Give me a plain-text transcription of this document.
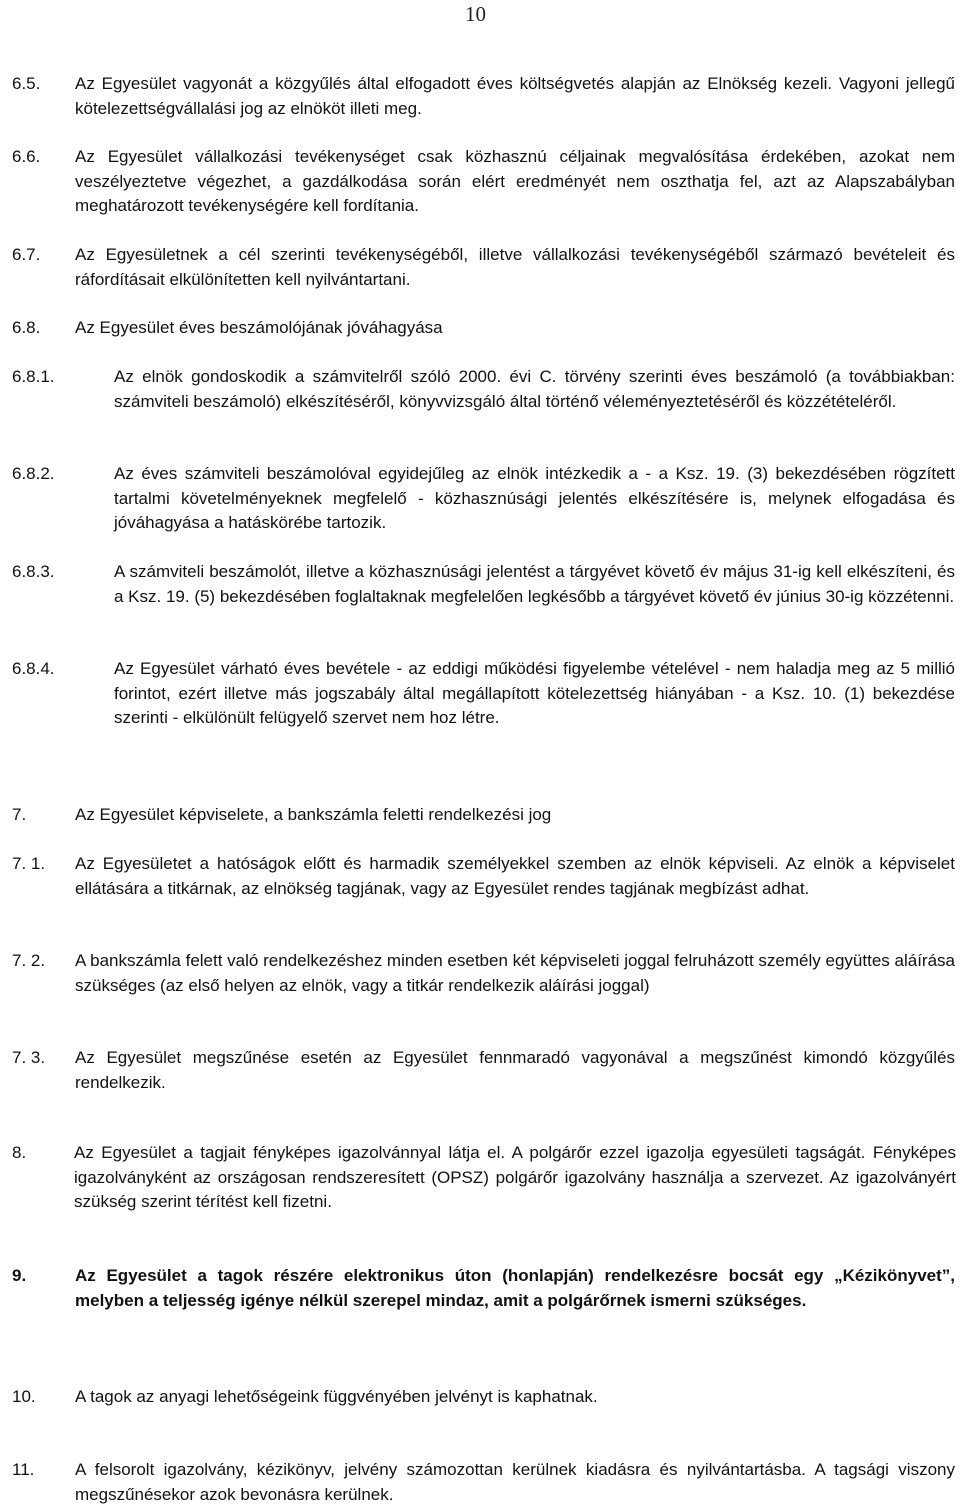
10
6.5. Az Egyesület vagyonát a közgyűlés által elfogadott éves költségvetés alapján az Elnökség kezeli. Vagyoni jellegű kötelezettségvállalási jog az elnököt illeti meg.
6.6. Az Egyesület vállalkozási tevékenységet csak közhasznú céljainak megvalósítása érdekében, azokat nem veszélyeztetve végezhet, a gazdálkodása során elért eredményét nem oszthatja fel, azt az Alapszabályban meghatározott tevékenységére kell fordítania.
6.7. Az Egyesületnek a cél szerinti tevékenységéből, illetve vállalkozási tevékenységéből származó bevételeit és ráfordításait elkülönítetten kell nyilvántartani.
6.8. Az Egyesület éves beszámolójának jóváhagyása
6.8.1.	Az elnök gondoskodik a számvitelről szóló 2000. évi C. törvény szerinti éves beszámoló (a továbbiakban: számviteli beszámoló) elkészítéséről, könyvvizsgáló által történő véleményeztetéséről és közzétételéről.
6.8.2.	Az éves számviteli beszámolóval egyidejűleg az elnök intézkedik a - a Ksz. 19. (3) bekezdésében rögzített tartalmi követelményeknek megfelelő - közhasznúsági jelentés elkészítésére is, melynek elfogadása és jóváhagyása a hatáskörébe tartozik.
6.8.3.	A számviteli beszámolót, illetve a közhasznúsági jelentést a tárgyévet követő év május 31-ig kell elkészíteni, és a Ksz. 19. (5) bekezdésében foglaltaknak megfelelően legkésőbb a tárgyévet követő év június 30-ig közzétenni.
6.8.4.	Az Egyesület várható éves bevétele - az eddigi működési figyelembe vételével - nem haladja meg az 5 millió forintot, ezért illetve más jogszabály által megállapított kötelezettség hiányában - a Ksz. 10. (1) bekezdése szerinti - elkülönült felügyelő szervet nem hoz létre.
7.	Az Egyesület képviselete, a bankszámla feletti rendelkezési jog
7. 1. Az Egyesületet a hatóságok előtt és harmadik személyekkel szemben az elnök képviseli. Az elnök a képviselet ellátására a titkárnak, az elnökség tagjának, vagy az Egyesület rendes tagjának megbízást adhat.
7. 2. A bankszámla felett való rendelkezéshez minden esetben két képviseleti joggal felruházott személy együttes aláírása szükséges (az első helyen az elnök, vagy a titkár rendelkezik aláírási joggal)
7. 3. Az Egyesület megszűnése esetén az Egyesület fennmaradó vagyonával a megszűnést kimondó közgyűlés rendelkezik.
8.	Az Egyesület a tagjait fényképes igazolvánnyal látja el. A polgárőr ezzel igazolja egyesületi tagságát. Fényképes igazolványként az országosan rendszeresített (OPSZ) polgárőr igazolvány használja a szervezet. Az igazolványért szükség szerint térítést kell fizetni.
9.	Az Egyesület a tagok részére elektronikus úton (honlapján) rendelkezésre bocsát egy „Kézikönyvet”, melyben a teljesség igénye nélkül szerepel mindaz, amit a polgárőrnek ismerni szükséges.
10. A tagok az anyagi lehetőségeink függvényében jelvényt is kaphatnak.
11. A felsorolt igazolvány, kézikönyv, jelvény számozottan kerülnek kiadásra és nyilvántartásba. A tagsági viszony megszűnésekor azok bevonásra kerülnek.
